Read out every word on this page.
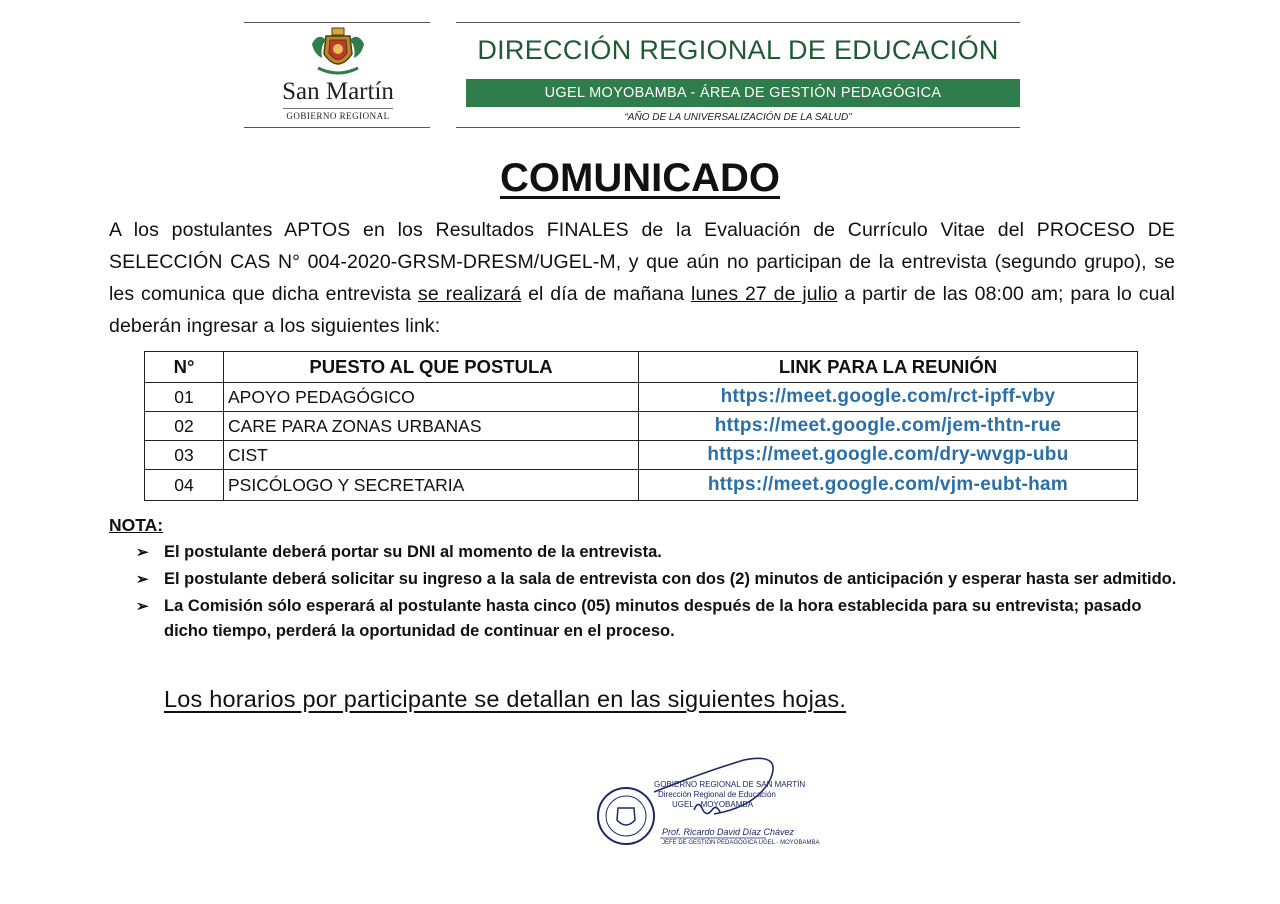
San Martín
GOBIERNO REGIONAL
DIRECCIÓN REGIONAL DE EDUCACIÓN
UGEL MOYOBAMBA - ÁREA DE GESTIÓN PEDAGÓGICA
“AÑO DE LA UNIVERSALIZACIÓN DE LA SALUD”
COMUNICADO
A los postulantes APTOS en los Resultados FINALES de la Evaluación de Currículo Vitae del PROCESO DE SELECCIÓN CAS N° 004-2020-GRSM-DRESM/UGEL-M, y que aún no participan de la entrevista (segundo grupo), se les comunica que dicha entrevista se realizará el día de mañana lunes 27 de julio a partir de las 08:00 am; para lo cual deberán ingresar a los siguientes link:
N°	PUESTO AL QUE POSTULA	LINK PARA LA REUNIÓN
01	APOYO PEDAGÓGICO	https://meet.google.com/rct-ipff-vby
02	CARE PARA ZONAS URBANAS	https://meet.google.com/jem-thtn-rue
03	CIST	https://meet.google.com/dry-wvgp-ubu
04	PSICÓLOGO Y SECRETARIA	https://meet.google.com/vjm-eubt-ham
NOTA:
➢ El postulante deberá portar su DNI al momento de la entrevista.
➢ El postulante deberá solicitar su ingreso a la sala de entrevista con dos (2) minutos de anticipación y esperar hasta ser admitido.
➢ La Comisión sólo esperará al postulante hasta cinco (05) minutos después de la hora establecida para su entrevista; pasado dicho tiempo, perderá la oportunidad de continuar en el proceso.
Los horarios por participante se detallan en las siguientes hojas.
GOBIERNO REGIONAL DE SAN MARTÍN
Dirección Regional de Educación
UGEL - MOYOBAMBA
Prof. Ricardo David Díaz Chávez
JEFE DE GESTIÓN PEDAGÓGICA UGEL - MOYOBAMBA
